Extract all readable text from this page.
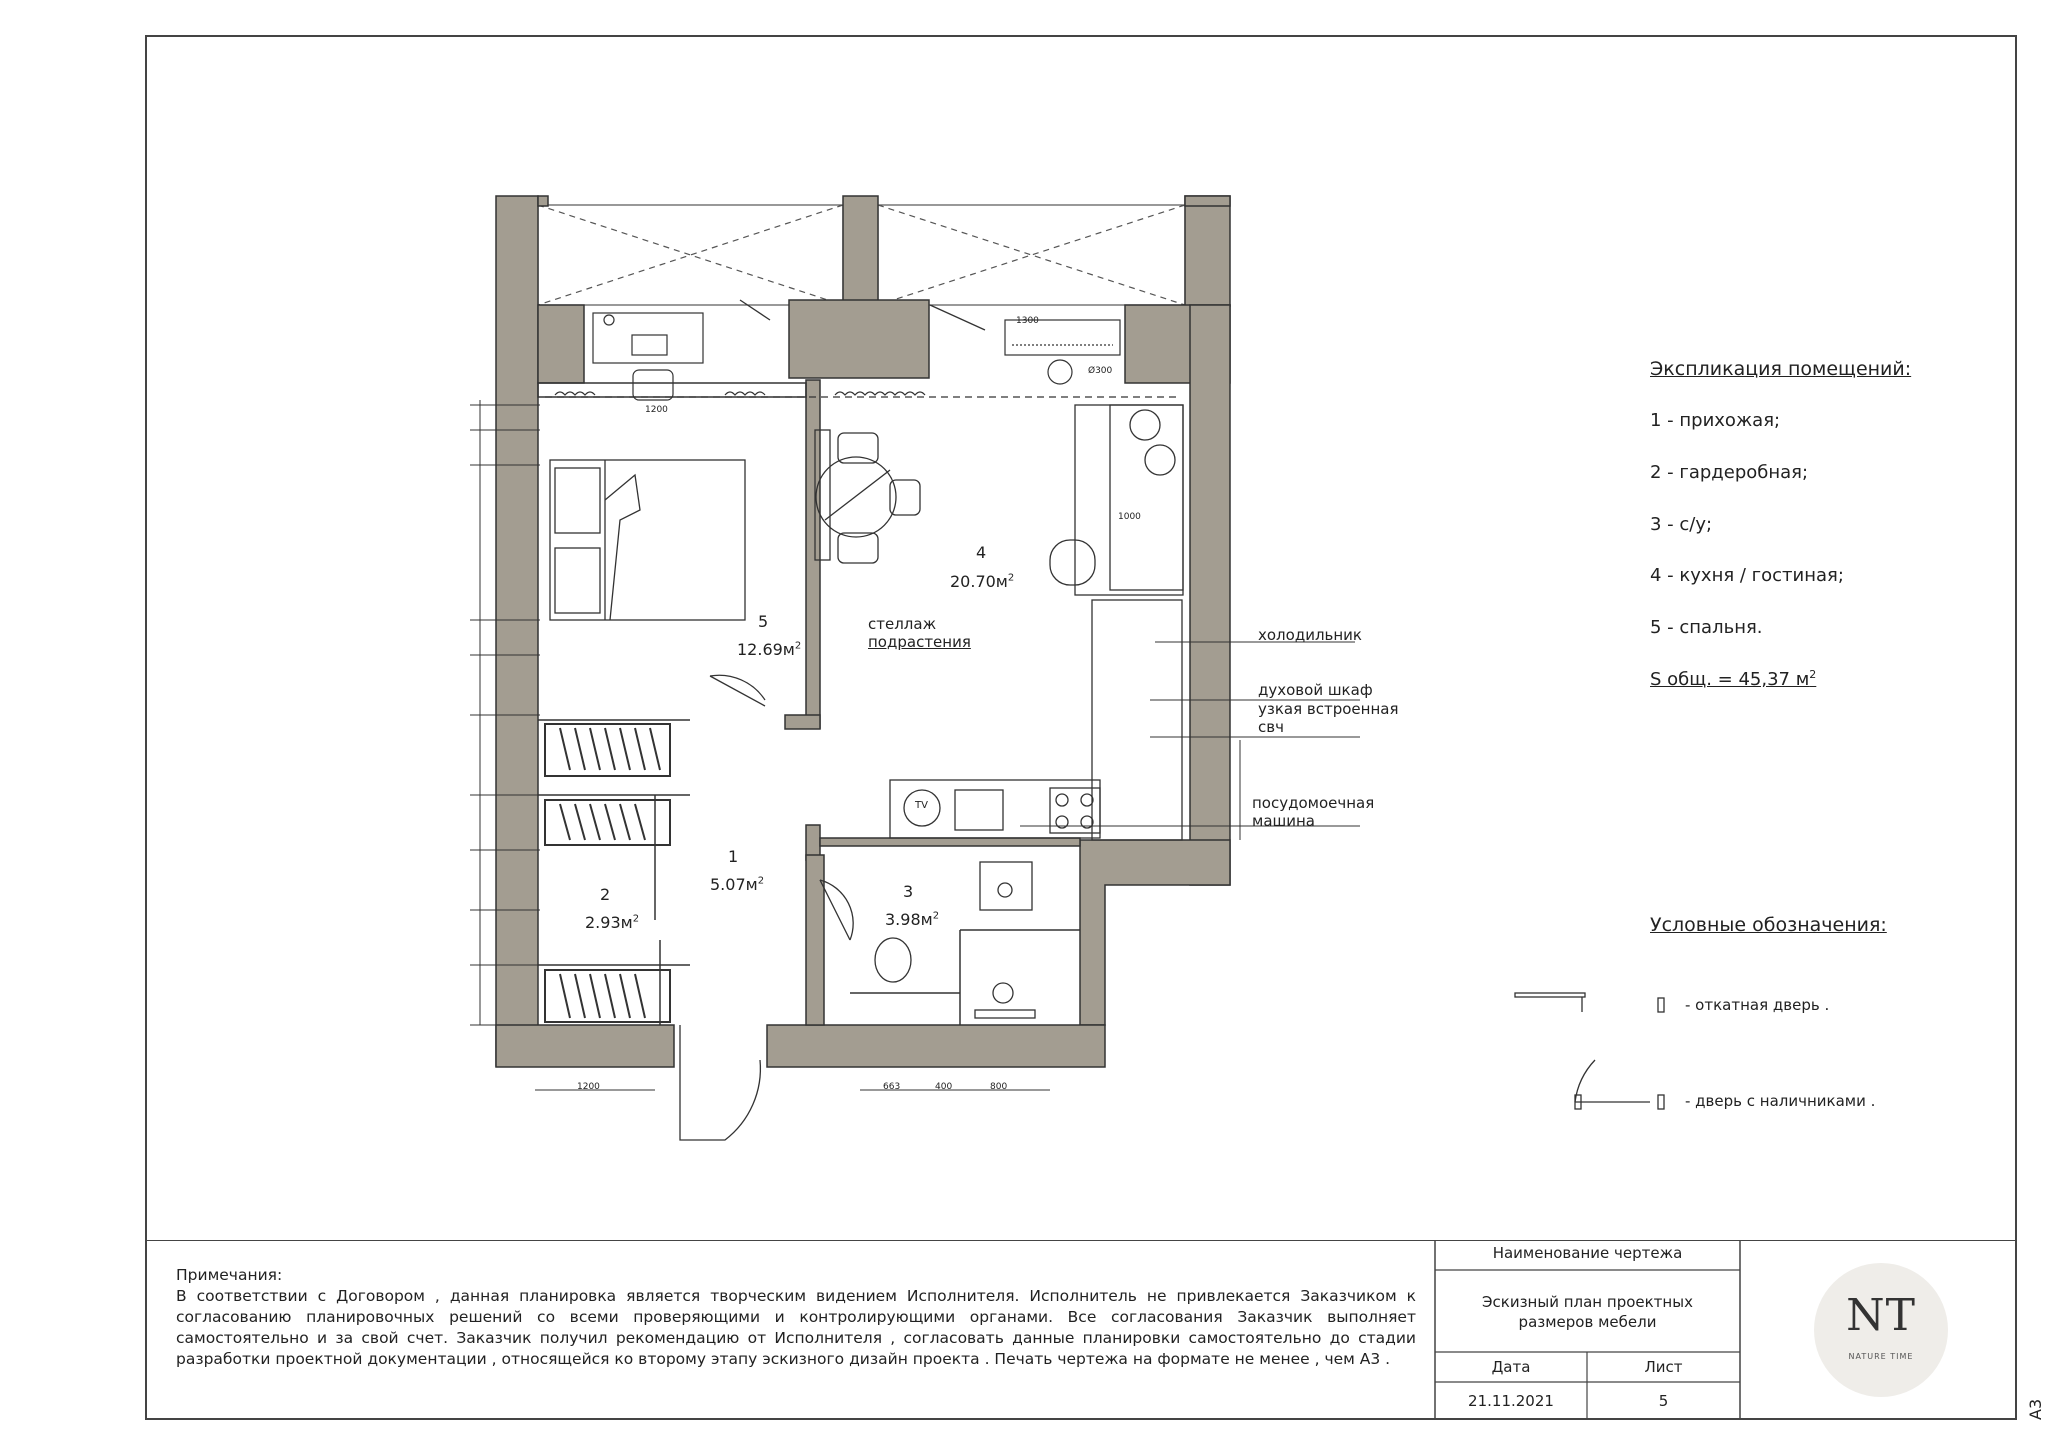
5
$12.69м^2$
4
$20.70м^2$
1
$5.07м^2$
2
$2.93м^2$
3
$3.98м^2$
стеллаж
подрастения	холодильник
духовой шкаф
узкая встроенная
свч
посудомоечная
машина
TV
1200
1300
Ø300
1000
1200	663	400	800
Экспликация помещений:
1 - прихожая;
2 - гардеробная;
3 - с/у;
4 - кухня / гостиная;
5 - спальня.
S общ. = 45,37 $м^2$
Условные обозначения:
- откатная дверь .
- дверь с наличниками .
Примечания:
В соответствии с Договором , данная планировка является творческим видением Исполнителя. Исполнитель не привлекается Заказчиком к согласованию планировочных решений со всеми проверяющими и контролирующими органами. Все согласования Заказчик выполняет самостоятельно и за свой счет. Заказчик получил рекомендацию от Исполнителя , согласовать данные планировки самостоятельно до стадии разработки проектной документации , относящейся ко второму этапу эскизного дизайн проекта . Печать чертежа на формате не менее , чем А3 .
Наименование чертежа
Эскизный план проектных
размеров мебели
Дата	Лист
21.11.2021	5
NT
NATURE TIME
А3
